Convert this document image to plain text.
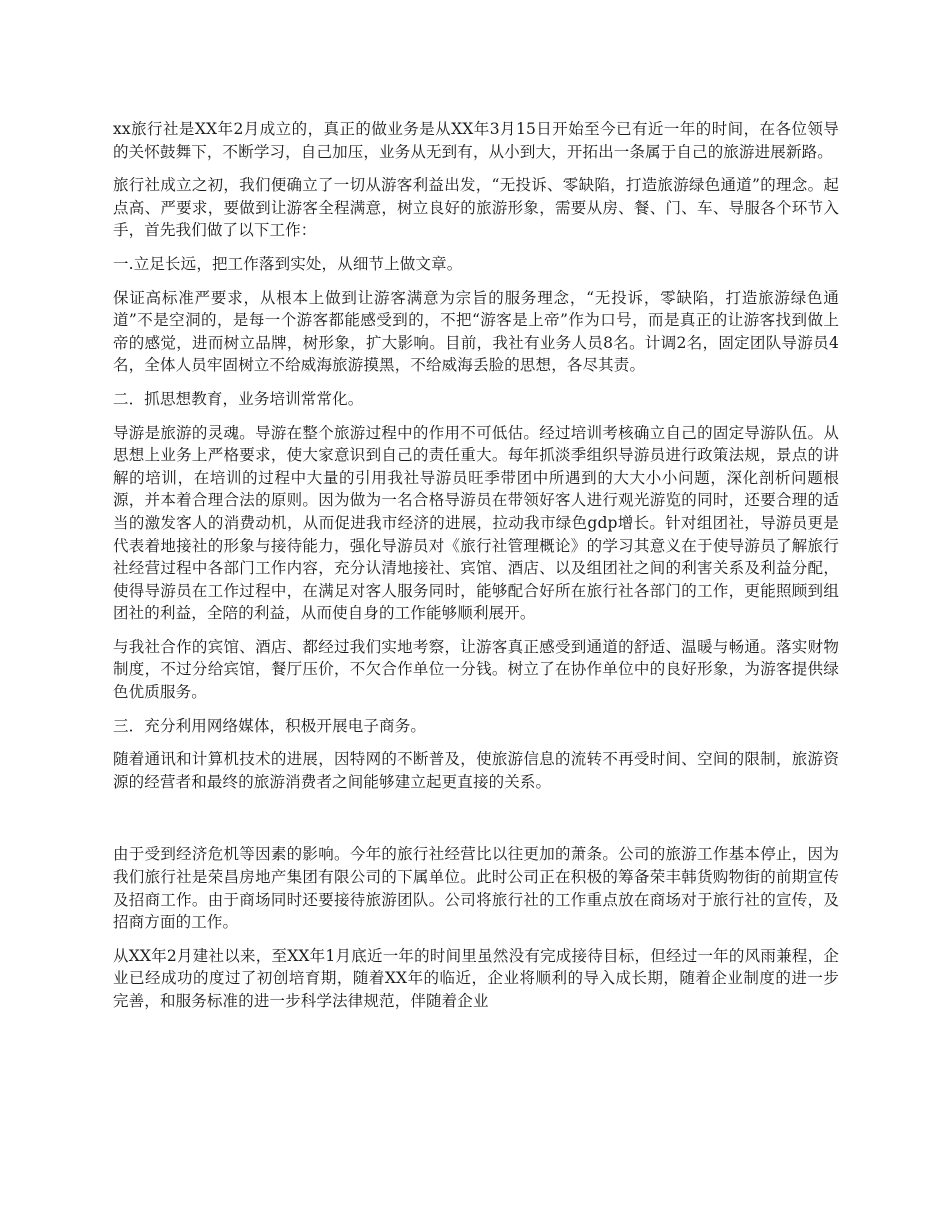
xx旅行社是XX年2月成立的，真正的做业务是从XX年3月15日开始至今已有近一年的时间，在各位领导的关怀鼓舞下，不断学习，自己加压，业务从无到有，从小到大，开拓出一条属于自己的旅游进展新路。

旅行社成立之初，我们便确立了一切从游客利益出发，“无投诉、零缺陷，打造旅游绿色通道”的理念。起点高、严要求，要做到让游客全程满意，树立良好的旅游形象，需要从房、餐、门、车、导服各个环节入手，首先我们做了以下工作：

一.立足长远，把工作落到实处，从细节上做文章。

保证高标准严要求，从根本上做到让游客满意为宗旨的服务理念，“无投诉，零缺陷，打造旅游绿色通道”不是空洞的，是每一个游客都能感受到的，不把“游客是上帝”作为口号，而是真正的让游客找到做上帝的感觉，进而树立品牌，树形象，扩大影响。目前，我社有业务人员8名。计调2名，固定团队导游员4名，全体人员牢固树立不给威海旅游摸黑，不给威海丢脸的思想，各尽其责。

二．抓思想教育，业务培训常常化。

导游是旅游的灵魂。导游在整个旅游过程中的作用不可低估。经过培训考核确立自己的固定导游队伍。从思想上业务上严格要求，使大家意识到自己的责任重大。每年抓淡季组织导游员进行政策法规，景点的讲解的培训，在培训的过程中大量的引用我社导游员旺季带团中所遇到的大大小小问题，深化剖析问题根源，并本着合理合法的原则。因为做为一名合格导游员在带领好客人进行观光游览的同时，还要合理的适当的激发客人的消费动机，从而促进我市经济的进展，拉动我市绿色gdp增长。针对组团社，导游员更是代表着地接社的形象与接待能力，强化导游员对《旅行社管理概论》的学习其意义在于使导游员了解旅行社经营过程中各部门工作内容，充分认清地接社、宾馆、酒店、以及组团社之间的利害关系及利益分配，使得导游员在工作过程中，在满足对客人服务同时，能够配合好所在旅行社各部门的工作，更能照顾到组团社的利益，全陪的利益，从而使自身的工作能够顺利展开。

与我社合作的宾馆、酒店、都经过我们实地考察，让游客真正感受到通道的舒适、温暖与畅通。落实财物制度，不过分给宾馆，餐厅压价，不欠合作单位一分钱。树立了在协作单位中的良好形象，为游客提供绿色优质服务。

三．充分利用网络媒体，积极开展电子商务。

随着通讯和计算机技术的进展，因特网的不断普及，使旅游信息的流转不再受时间、空间的限制，旅游资源的经营者和最终的旅游消费者之间能够建立起更直接的关系。

由于受到经济危机等因素的影响。今年的旅行社经营比以往更加的萧条。公司的旅游工作基本停止，因为我们旅行社是荣昌房地产集团有限公司的下属单位。此时公司正在积极的筹备荣丰韩货购物街的前期宣传及招商工作。由于商场同时还要接待旅游团队。公司将旅行社的工作重点放在商场对于旅行社的宣传，及招商方面的工作。

从XX年2月建社以来，至XX年1月底近一年的时间里虽然没有完成接待目标，但经过一年的风雨兼程，企业已经成功的度过了初创培育期，随着XX年的临近，企业将顺利的导入成长期，随着企业制度的进一步完善，和服务标准的进一步科学法律规范，伴随着企业
